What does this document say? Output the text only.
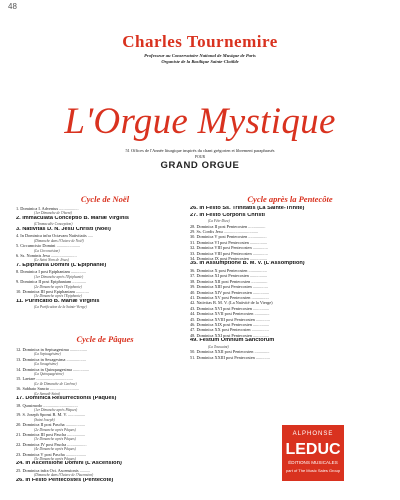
48
Charles Tournemire
Professeur au Conservatoire National de Musique de Paris
Organiste de la Basilique Sainte-Clotilde
L'Orgue Mystique
51 Offices de l'Année liturgique inspirés du chant grégorien et librement paraphrasés
POUR
GRAND ORGUE
Cycle de Noël
1. Dominica I. Adventus ..................
(1er Dimanche de l'Avent)
2. Immaculata Conceptio B. Mariæ Virginis
(L'Immaculée Conception)
3. Nativitas D. N. Jesu Christi (Noël)
4. In Dominica infra Octavam Nativitatis .....
(Dimanche dans l'Octave de Noël)
5. Circumcisio Domini ......................
(La Circoncision)
6. Ss. Nominis Jesu ........................
(Le Saint Nom de Jésus)
7. Epiphania Domini (L'Épiphanie)
8. Dominica I post Epiphaniam ..............
(1er Dimanche après l'Épiphanie)
9. Dominica II post Epiphaniam .............
(2e Dimanche après l'Épiphanie)
10. Dominica III post Epiphaniam ............
(3e Dimanche après l'Épiphanie)
11. Purificatio B. Mariæ Virginis
(La Purification de la Sainte-Vierge)
Cycle de Pâques
12. Dominica in Septuagesima ................
(La Septuagésime)
13. Dominica in Sexagesima ..................
(La Sexagésime)
14. Dominica in Quinquagesima ...............
(La Quinquagésime)
15. Laetare ..................................
(Le 4e Dimanche de Carême)
16. Sabbato Sancto ...........................
(Le Samedi-Saint)
17. Dominica Resurrectionis (Pâques)
18. Quasimodo ................................
(1er Dimanche après Pâques)
19. S. Joseph Sponsi B. M. V. ................
(Saint Joseph)
20. Dominica II post Pascha ..................
(2e Dimanche après Pâques)
21. Dominica III post Pascha .................
(3e Dimanche après Pâques)
22. Dominica IV post Pascha ..................
(4e Dimanche après Pâques)
23. Dominica V post Pascha ...................
(5e Dimanche après Pâques)
24. In Ascensione Domini (L'Ascension)
25. Dominica infra Oct. Ascensionis ..........
(Dimanche dans l'Octave de l'Ascension)
26. In Festo Pentecostes (Pentecôte)
Cycle après la Pentecôte
26. In Festo Ss. Trinitatis (La Sainte-Trinité)
27. In Festo Corporis Christi
(La Fête-Dieu)
28. Dominica II post Pentecosten ................
29. Ss. Cordis Jesu ................................
30. Dominica V post Pentecosten .................
31. Dominica VI post Pentecosten ................
32. Dominica VIII post Pentecosten ..............
33. Dominica VIII post Pentecosten ..............
34. Dominica IX post Pentecosten ................
35. In Assumptione B. M. V. (L'Assomption)
36. Dominica X post Pentecosten .................
37. Dominica XI post Pentecosten ................
38. Dominica XII post Pentecosten ...............
39. Dominica XIII post Pentecosten ..............
40. Dominica XIV post Pentecosten ...............
41. Dominica XV post Pentecosten ................
42. Nativitas B. M. V. (La Nativité de la Vierge)
43. Dominica XVI post Pentecosten ...............
44. Dominica XVII post Pentecosten ..............
45. Dominica XVIII post Pentecosten .............
46. Dominica XIX post Pentecosten ...............
47. Dominica XX post Pentecosten ................
48. Dominica XXI post Pentecosten ...............
49. Festum Omnium Sanctorum
(La Toussaint)
50. Dominica XXII post Pentecosten ..............
51. Dominica XXIII post Pentecosten .............
ALPHONSE
LEDUC
ÉDITIONS MUSICALES
part of The Music Sales Group
